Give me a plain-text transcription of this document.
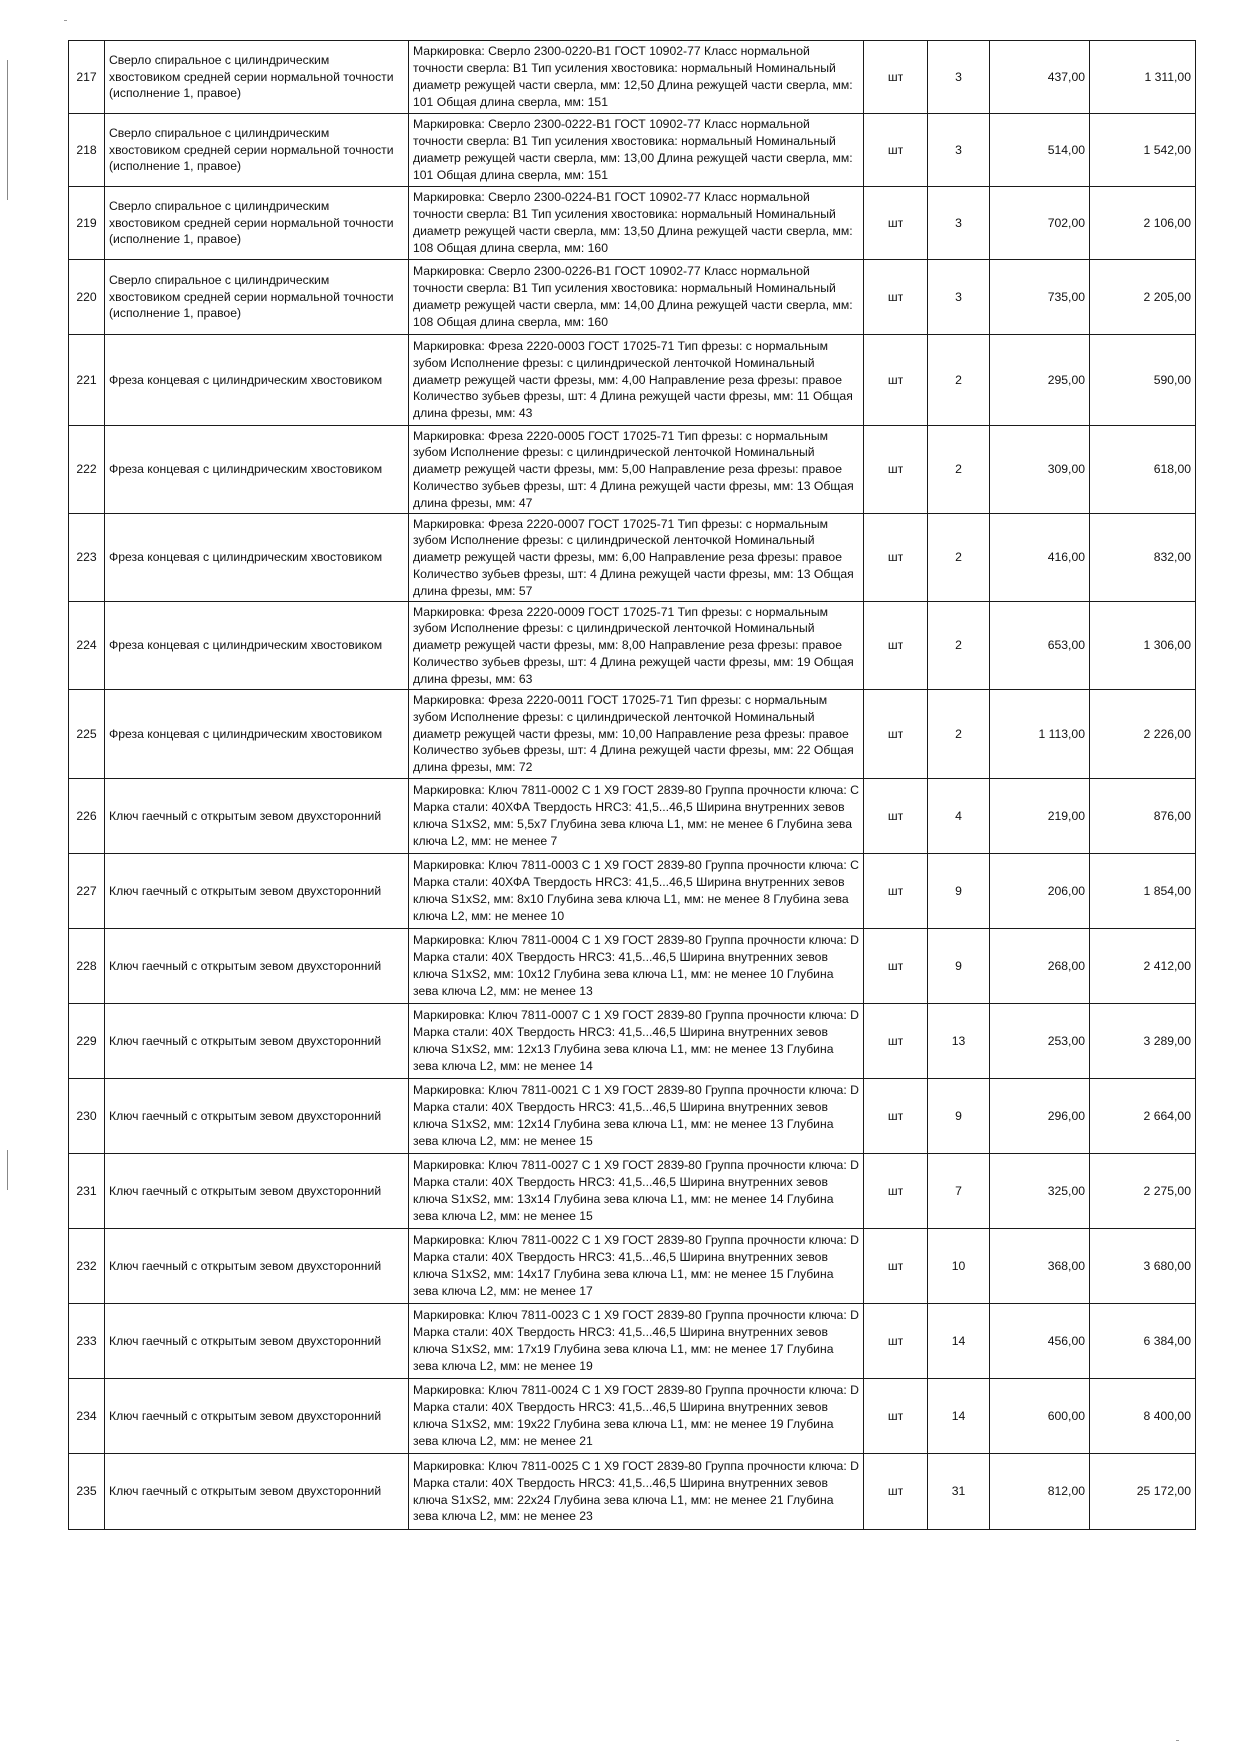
217	Сверло спиральное с цилиндрическим хвостовиком средней серии нормальной точности (исполнение 1, правое)	Маркировка: Сверло 2300-0220-В1 ГОСТ 10902-77 Класс нормальной точности сверла: В1 Тип усиления хвостовика: нормальный Номинальный диаметр режущей части сверла, мм: 12,50 Длина режущей части сверла, мм: 101 Общая длина сверла, мм: 151	шт	3	437,00	1 311,00
218	Сверло спиральное с цилиндрическим хвостовиком средней серии нормальной точности (исполнение 1, правое)	Маркировка: Сверло 2300-0222-В1 ГОСТ 10902-77 Класс нормальной точности сверла: В1 Тип усиления хвостовика: нормальный Номинальный диаметр режущей части сверла, мм: 13,00 Длина режущей части сверла, мм: 101 Общая длина сверла, мм: 151	шт	3	514,00	1 542,00
219	Сверло спиральное с цилиндрическим хвостовиком средней серии нормальной точности (исполнение 1, правое)	Маркировка: Сверло 2300-0224-В1 ГОСТ 10902-77 Класс нормальной точности сверла: В1 Тип усиления хвостовика: нормальный Номинальный диаметр режущей части сверла, мм: 13,50 Длина режущей части сверла, мм: 108 Общая длина сверла, мм: 160	шт	3	702,00	2 106,00
220	Сверло спиральное с цилиндрическим хвостовиком средней серии нормальной точности (исполнение 1, правое)	Маркировка: Сверло 2300-0226-В1 ГОСТ 10902-77 Класс нормальной точности сверла: В1 Тип усиления хвостовика: нормальный Номинальный диаметр режущей части сверла, мм: 14,00 Длина режущей части сверла, мм: 108 Общая длина сверла, мм: 160	шт	3	735,00	2 205,00
221	Фреза концевая с цилиндрическим хвостовиком	Маркировка: Фреза 2220-0003 ГОСТ 17025-71 Тип фрезы: с нормальным зубом Исполнение фрезы: с цилиндрической ленточкой Номинальный диаметр режущей части фрезы, мм: 4,00 Направление реза фрезы: правое Количество зубьев фрезы, шт: 4 Длина режущей части фрезы, мм: 11 Общая длина фрезы, мм: 43	шт	2	295,00	590,00
222	Фреза концевая с цилиндрическим хвостовиком	Маркировка: Фреза 2220-0005 ГОСТ 17025-71 Тип фрезы: с нормальным зубом Исполнение фрезы: с цилиндрической ленточкой Номинальный диаметр режущей части фрезы, мм: 5,00 Направление реза фрезы: правое Количество зубьев фрезы, шт: 4 Длина режущей части фрезы, мм: 13 Общая длина фрезы, мм: 47	шт	2	309,00	618,00
223	Фреза концевая с цилиндрическим хвостовиком	Маркировка: Фреза 2220-0007 ГОСТ 17025-71 Тип фрезы: с нормальным зубом Исполнение фрезы: с цилиндрической ленточкой Номинальный диаметр режущей части фрезы, мм: 6,00 Направление реза фрезы: правое Количество зубьев фрезы, шт: 4 Длина режущей части фрезы, мм: 13 Общая длина фрезы, мм: 57	шт	2	416,00	832,00
224	Фреза концевая с цилиндрическим хвостовиком	Маркировка: Фреза 2220-0009 ГОСТ 17025-71 Тип фрезы: с нормальным зубом Исполнение фрезы: с цилиндрической ленточкой Номинальный диаметр режущей части фрезы, мм: 8,00 Направление реза фрезы: правое Количество зубьев фрезы, шт: 4 Длина режущей части фрезы, мм: 19 Общая длина фрезы, мм: 63	шт	2	653,00	1 306,00
225	Фреза концевая с цилиндрическим хвостовиком	Маркировка: Фреза 2220-0011 ГОСТ 17025-71 Тип фрезы: с нормальным зубом Исполнение фрезы: с цилиндрической ленточкой Номинальный диаметр режущей части фрезы, мм: 10,00 Направление реза фрезы: правое Количество зубьев фрезы, шт: 4 Длина режущей части фрезы, мм: 22 Общая длина фрезы, мм: 72	шт	2	1 113,00	2 226,00
226	Ключ гаечный с открытым зевом двухсторонний	Маркировка: Ключ 7811-0002 С 1 Х9 ГОСТ 2839-80 Группа прочности ключа: С Марка стали: 40ХФА Твердость HRC3: 41,5...46,5 Ширина внутренних зевов ключа S1xS2, мм: 5,5x7 Глубина зева ключа L1, мм: не менее 6 Глубина зева ключа L2, мм: не менее 7	шт	4	219,00	876,00
227	Ключ гаечный с открытым зевом двухсторонний	Маркировка: Ключ 7811-0003 С 1 Х9 ГОСТ 2839-80 Группа прочности ключа: С Марка стали: 40ХФА Твердость HRC3: 41,5...46,5 Ширина внутренних зевов ключа S1xS2, мм: 8x10 Глубина зева ключа L1, мм: не менее 8 Глубина зева ключа L2, мм: не менее 10	шт	9	206,00	1 854,00
228	Ключ гаечный с открытым зевом двухсторонний	Маркировка: Ключ 7811-0004 С 1 Х9 ГОСТ 2839-80 Группа прочности ключа: D Марка стали: 40Х Твердость HRC3: 41,5...46,5 Ширина внутренних зевов ключа S1xS2, мм: 10x12 Глубина зева ключа L1, мм: не менее 10 Глубина зева ключа L2, мм: не менее 13	шт	9	268,00	2 412,00
229	Ключ гаечный с открытым зевом двухсторонний	Маркировка: Ключ 7811-0007 С 1 Х9 ГОСТ 2839-80 Группа прочности ключа: D Марка стали: 40Х Твердость HRC3: 41,5...46,5 Ширина внутренних зевов ключа S1xS2, мм: 12x13 Глубина зева ключа L1, мм: не менее 13 Глубина зева ключа L2, мм: не менее 14	шт	13	253,00	3 289,00
230	Ключ гаечный с открытым зевом двухсторонний	Маркировка: Ключ 7811-0021 С 1 Х9 ГОСТ 2839-80 Группа прочности ключа: D Марка стали: 40Х Твердость HRC3: 41,5...46,5 Ширина внутренних зевов ключа S1xS2, мм: 12x14 Глубина зева ключа L1, мм: не менее 13 Глубина зева ключа L2, мм: не менее 15	шт	9	296,00	2 664,00
231	Ключ гаечный с открытым зевом двухсторонний	Маркировка: Ключ 7811-0027 С 1 Х9 ГОСТ 2839-80 Группа прочности ключа: D Марка стали: 40Х Твердость HRC3: 41,5...46,5 Ширина внутренних зевов ключа S1xS2, мм: 13x14 Глубина зева ключа L1, мм: не менее 14 Глубина зева ключа L2, мм: не менее 15	шт	7	325,00	2 275,00
232	Ключ гаечный с открытым зевом двухсторонний	Маркировка: Ключ 7811-0022 С 1 Х9 ГОСТ 2839-80 Группа прочности ключа: D Марка стали: 40Х Твердость HRC3: 41,5...46,5 Ширина внутренних зевов ключа S1xS2, мм: 14x17 Глубина зева ключа L1, мм: не менее 15 Глубина зева ключа L2, мм: не менее 17	шт	10	368,00	3 680,00
233	Ключ гаечный с открытым зевом двухсторонний	Маркировка: Ключ 7811-0023 С 1 Х9 ГОСТ 2839-80 Группа прочности ключа: D Марка стали: 40Х Твердость HRC3: 41,5...46,5 Ширина внутренних зевов ключа S1xS2, мм: 17x19 Глубина зева ключа L1, мм: не менее 17 Глубина зева ключа L2, мм: не менее 19	шт	14	456,00	6 384,00
234	Ключ гаечный с открытым зевом двухсторонний	Маркировка: Ключ 7811-0024 С 1 Х9 ГОСТ 2839-80 Группа прочности ключа: D Марка стали: 40Х Твердость HRC3: 41,5...46,5 Ширина внутренних зевов ключа S1xS2, мм: 19x22 Глубина зева ключа L1, мм: не менее 19 Глубина зева ключа L2, мм: не менее 21	шт	14	600,00	8 400,00
235	Ключ гаечный с открытым зевом двухсторонний	Маркировка: Ключ 7811-0025 С 1 Х9 ГОСТ 2839-80 Группа прочности ключа: D Марка стали: 40Х Твердость HRC3: 41,5...46,5 Ширина внутренних зевов ключа S1xS2, мм: 22x24 Глубина зева ключа L1, мм: не менее 21 Глубина зева ключа L2, мм: не менее 23	шт	31	812,00	25 172,00
